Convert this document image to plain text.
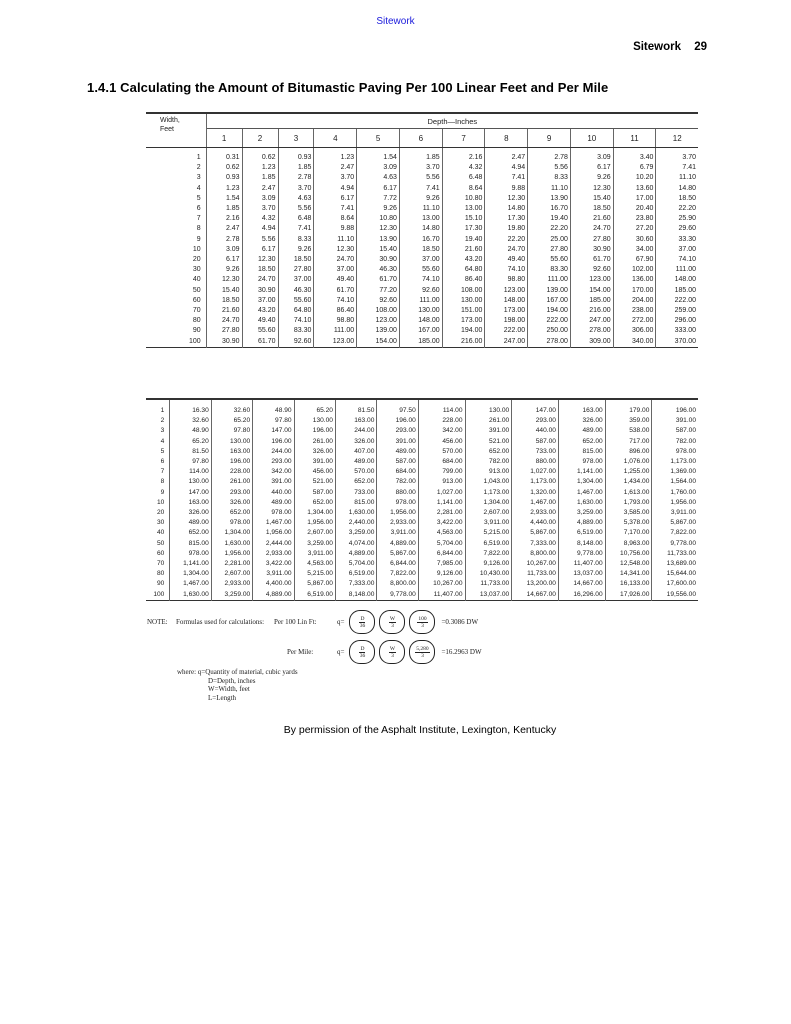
Sitework
Sitework 29
1.4.1 Calculating the Amount of Bitumastic Paving Per 100 Linear Feet and Per Mile
Width,
Feet	Depth—Inches											
	1	2	3	4	5	6	7	8	9	10	11	12
1	0.31	0.62	0.93	1.23	1.54	1.85	2.16	2.47	2.78	3.09	3.40	3.70
2	0.62	1.23	1.85	2.47	3.09	3.70	4.32	4.94	5.56	6.17	6.79	7.41
3	0.93	1.85	2.78	3.70	4.63	5.56	6.48	7.41	8.33	9.26	10.20	11.10
4	1.23	2.47	3.70	4.94	6.17	7.41	8.64	9.88	11.10	12.30	13.60	14.80
5	1.54	3.09	4.63	6.17	7.72	9.26	10.80	12.30	13.90	15.40	17.00	18.50
6	1.85	3.70	5.56	7.41	9.26	11.10	13.00	14.80	16.70	18.50	20.40	22.20
7	2.16	4.32	6.48	8.64	10.80	13.00	15.10	17.30	19.40	21.60	23.80	25.90
8	2.47	4.94	7.41	9.88	12.30	14.80	17.30	19.80	22.20	24.70	27.20	29.60
9	2.78	5.56	8.33	11.10	13.90	16.70	19.40	22.20	25.00	27.80	30.60	33.30
10	3.09	6.17	9.26	12.30	15.40	18.50	21.60	24.70	27.80	30.90	34.00	37.00
20	6.17	12.30	18.50	24.70	30.90	37.00	43.20	49.40	55.60	61.70	67.90	74.10
30	9.26	18.50	27.80	37.00	46.30	55.60	64.80	74.10	83.30	92.60	102.00	111.00
40	12.30	24.70	37.00	49.40	61.70	74.10	86.40	98.80	111.00	123.00	136.00	148.00
50	15.40	30.90	46.30	61.70	77.20	92.60	108.00	123.00	139.00	154.00	170.00	185.00
60	18.50	37.00	55.60	74.10	92.60	111.00	130.00	148.00	167.00	185.00	204.00	222.00
70	21.60	43.20	64.80	86.40	108.00	130.00	151.00	173.00	194.00	216.00	238.00	259.00
80	24.70	49.40	74.10	98.80	123.00	148.00	173.00	198.00	222.00	247.00	272.00	296.00
90	27.80	55.60	83.30	111.00	139.00	167.00	194.00	222.00	250.00	278.00	306.00	333.00
100	30.90	61.70	92.60	123.00	154.00	185.00	216.00	247.00	278.00	309.00	340.00	370.00
1	16.30	32.60	48.90	65.20	81.50	97.50	114.00	130.00	147.00	163.00	179.00	196.00
2	32.60	65.20	97.80	130.00	163.00	196.00	228.00	261.00	293.00	326.00	359.00	391.00
3	48.90	97.80	147.00	196.00	244.00	293.00	342.00	391.00	440.00	489.00	538.00	587.00
4	65.20	130.00	196.00	261.00	326.00	391.00	456.00	521.00	587.00	652.00	717.00	782.00
5	81.50	163.00	244.00	326.00	407.00	489.00	570.00	652.00	733.00	815.00	896.00	978.00
6	97.80	196.00	293.00	391.00	489.00	587.00	684.00	782.00	880.00	978.00	1,076.00	1,173.00
7	114.00	228.00	342.00	456.00	570.00	684.00	799.00	913.00	1,027.00	1,141.00	1,255.00	1,369.00
8	130.00	261.00	391.00	521.00	652.00	782.00	913.00	1,043.00	1,173.00	1,304.00	1,434.00	1,564.00
9	147.00	293.00	440.00	587.00	733.00	880.00	1,027.00	1,173.00	1,320.00	1,467.00	1,613.00	1,760.00
10	163.00	326.00	489.00	652.00	815.00	978.00	1,141.00	1,304.00	1,467.00	1,630.00	1,793.00	1,956.00
20	326.00	652.00	978.00	1,304.00	1,630.00	1,956.00	2,281.00	2,607.00	2,933.00	3,259.00	3,585.00	3,911.00
30	489.00	978.00	1,467.00	1,956.00	2,440.00	2,933.00	3,422.00	3,911.00	4,440.00	4,889.00	5,378.00	5,867.00
40	652.00	1,304.00	1,956.00	2,607.00	3,259.00	3,911.00	4,563.00	5,215.00	5,867.00	6,519.00	7,170.00	7,822.00
50	815.00	1,630.00	2,444.00	3,259.00	4,074.00	4,889.00	5,704.00	6,519.00	7,333.00	8,148.00	8,963.00	9,778.00
60	978.00	1,956.00	2,933.00	3,911.00	4,889.00	5,867.00	6,844.00	7,822.00	8,800.00	9,778.00	10,756.00	11,733.00
70	1,141.00	2,281.00	3,422.00	4,563.00	5,704.00	6,844.00	7,985.00	9,126.00	10,267.00	11,407.00	12,548.00	13,689.00
80	1,304.00	2,607.00	3,911.00	5,215.00	6,519.00	7,822.00	9,126.00	10,430.00	11,733.00	13,037.00	14,341.00	15,644.00
90	1,467.00	2,933.00	4,400.00	5,867.00	7,333.00	8,800.00	10,267.00	11,733.00	13,200.00	14,667.00	16,133.00	17,600.00
100	1,630.00	3,259.00	4,889.00	6,519.00	8,148.00	9,778.00	11,407.00	13,037.00	14,667.00	16,296.00	17,926.00	19,556.00
NOTE: Formulas used for calculations: Per 100 Lin Ft:	q=	$\frac{D}{36}$	$\frac{W}{3}$	$\frac{100}{3} =0.3086$ DW
Per Mile:	q=	$\frac{D}{36}$	$\frac{W}{3}$	$\frac{5,280}{3} =16.2963$ DW
where: q=Quantity of material, cubic yards
D=Depth, inches
W=Width, feet
L=Length
By permission of the Asphalt Institute, Lexington, Kentucky
